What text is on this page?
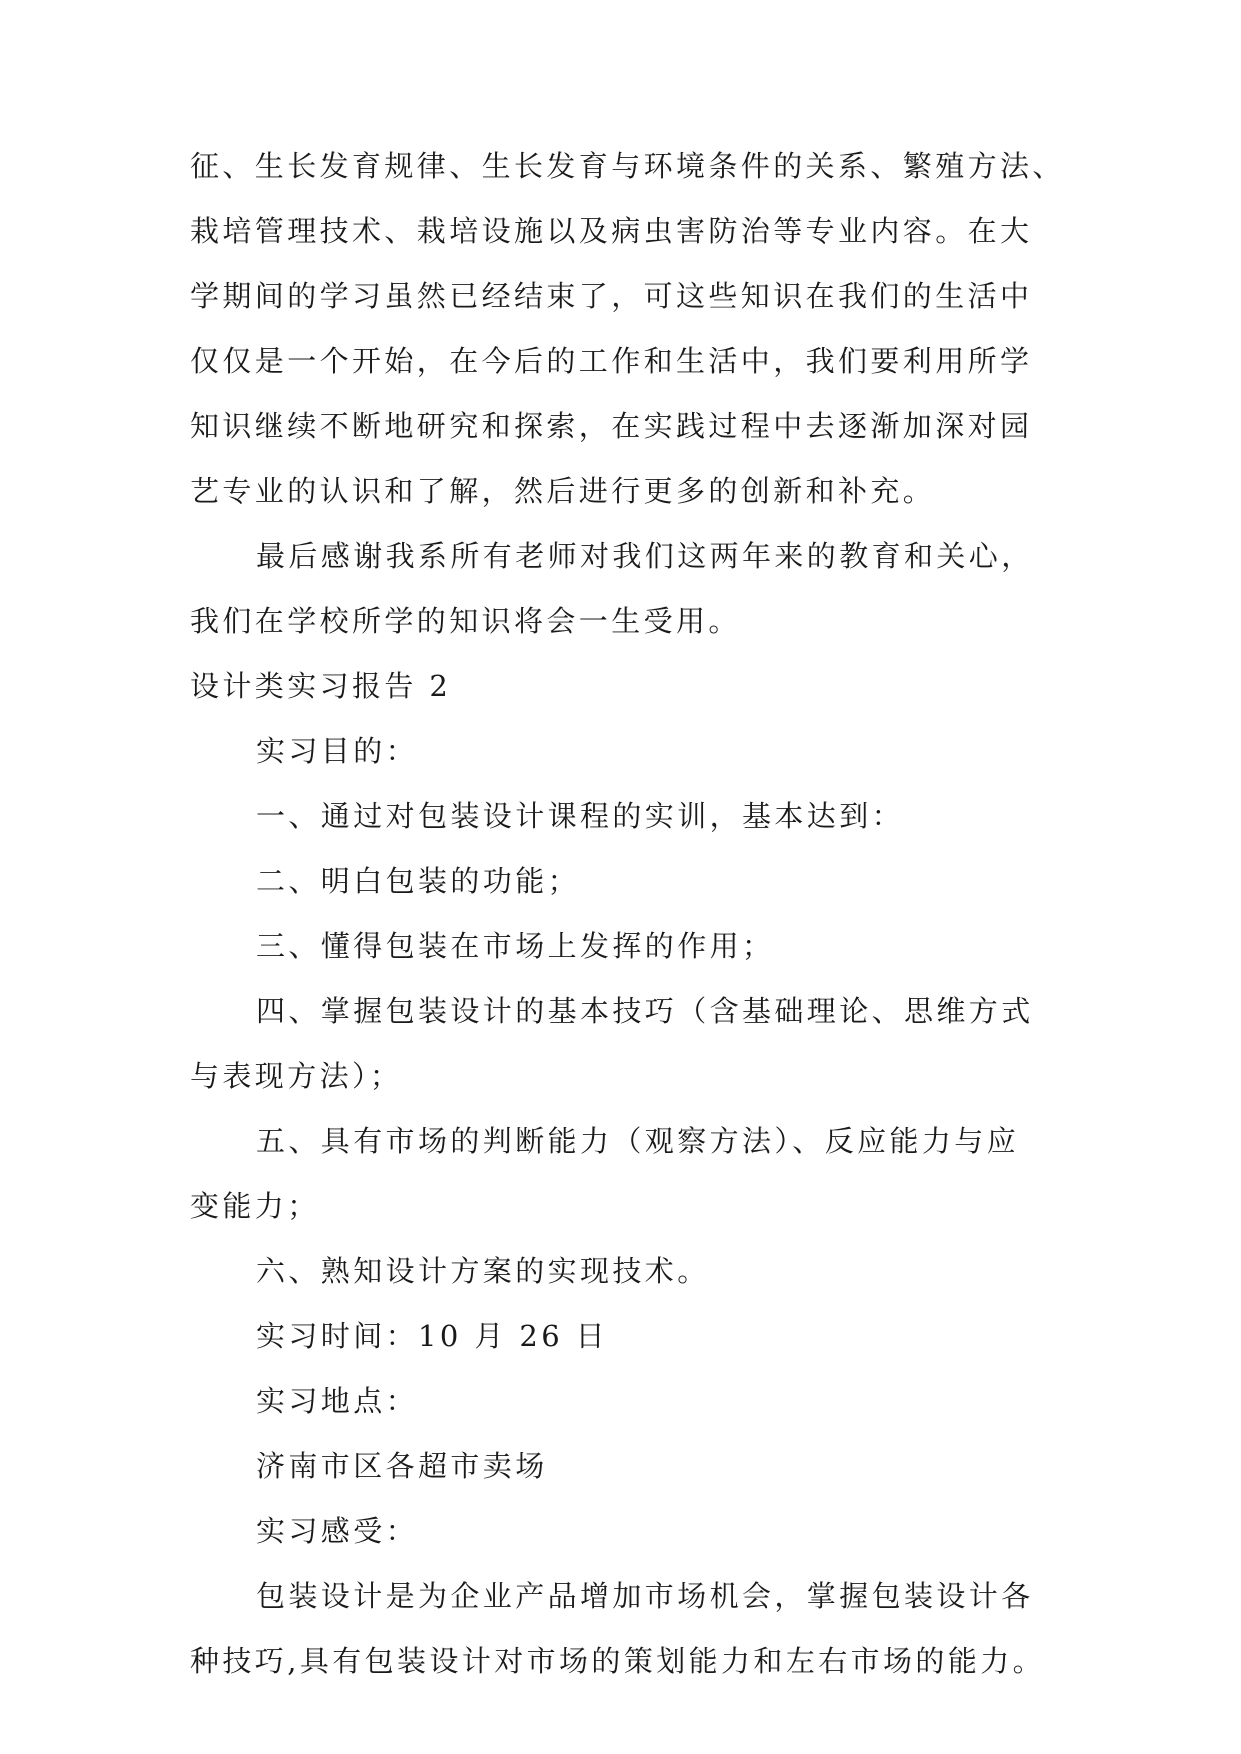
征、生长发育规律、生长发育与环境条件的关系、繁殖方法、
栽培管理技术、栽培设施以及病虫害防治等专业内容。在大
学期间的学习虽然已经结束了，可这些知识在我们的生活中
仅仅是一个开始，在今后的工作和生活中，我们要利用所学
知识继续不断地研究和探索，在实践过程中去逐渐加深对园
艺专业的认识和了解，然后进行更多的创新和补充。
最后感谢我系所有老师对我们这两年来的教育和关心，
我们在学校所学的知识将会一生受用。
设计类实习报告 2
实习目的：
一、通过对包装设计课程的实训，基本达到：
二、明白包装的功能；
三、懂得包装在市场上发挥的作用；
四、掌握包装设计的基本技巧（含基础理论、思维方式
与表现方法）；
五、具有市场的判断能力（观察方法）、反应能力与应
变能力；
六、熟知设计方案的实现技术。
实习时间：10 月 26 日
实习地点：
济南市区各超市卖场
实习感受：
包装设计是为企业产品增加市场机会，掌握包装设计各
种技巧,具有包装设计对市场的策划能力和左右市场的能力。
